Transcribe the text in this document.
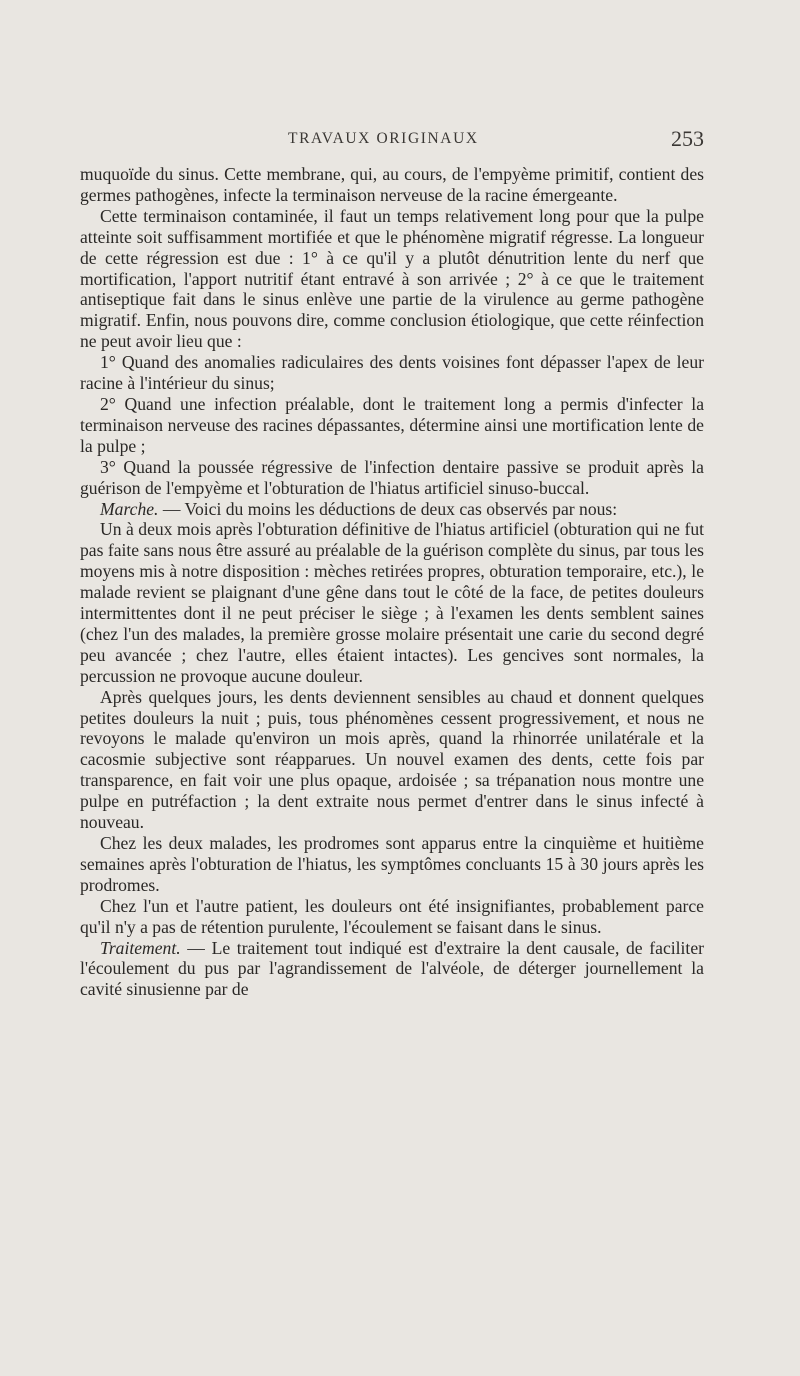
TRAVAUX ORIGINAUX	253

muquoïde du sinus. Cette membrane, qui, au cours, de l'empyème primitif, contient des germes pathogènes, infecte la terminaison nerveuse de la racine émergeante.

Cette terminaison contaminée, il faut un temps relativement long pour que la pulpe atteinte soit suffisamment mortifiée et que le phénomène migratif régresse. La longueur de cette régression est due : 1° à ce qu'il y a plutôt dénutrition lente du nerf que mortification, l'apport nutritif étant entravé à son arrivée ; 2° à ce que le traitement antiseptique fait dans le sinus enlève une partie de la virulence au germe pathogène migratif. Enfin, nous pouvons dire, comme conclusion étiologique, que cette réinfection ne peut avoir lieu que :

1° Quand des anomalies radiculaires des dents voisines font dépasser l'apex de leur racine à l'intérieur du sinus;

2° Quand une infection préalable, dont le traitement long a permis d'infecter la terminaison nerveuse des racines dépassantes, détermine ainsi une mortification lente de la pulpe ;

3° Quand la poussée régressive de l'infection dentaire passive se produit après la guérison de l'empyème et l'obturation de l'hiatus artificiel sinuso-buccal.

Marche. — Voici du moins les déductions de deux cas observés par nous:

Un à deux mois après l'obturation définitive de l'hiatus artificiel (obturation qui ne fut pas faite sans nous être assuré au préalable de la guérison complète du sinus, par tous les moyens mis à notre disposition : mèches retirées propres, obturation temporaire, etc.), le malade revient se plaignant d'une gêne dans tout le côté de la face, de petites douleurs intermittentes dont il ne peut préciser le siège ; à l'examen les dents semblent saines (chez l'un des malades, la première grosse molaire présentait une carie du second degré peu avancée ; chez l'autre, elles étaient intactes). Les gencives sont normales, la percussion ne provoque aucune douleur.

Après quelques jours, les dents deviennent sensibles au chaud et donnent quelques petites douleurs la nuit ; puis, tous phénomènes cessent progressivement, et nous ne revoyons le malade qu'environ un mois après, quand la rhinorrée unilatérale et la cacosmie subjective sont réapparues. Un nouvel examen des dents, cette fois par transparence, en fait voir une plus opaque, ardoisée ; sa trépanation nous montre une pulpe en putréfaction ; la dent extraite nous permet d'entrer dans le sinus infecté à nouveau.

Chez les deux malades, les prodromes sont apparus entre la cinquième et huitième semaines après l'obturation de l'hiatus, les symptômes concluants 15 à 30 jours après les prodromes.

Chez l'un et l'autre patient, les douleurs ont été insignifiantes, probablement parce qu'il n'y a pas de rétention purulente, l'écoulement se faisant dans le sinus.

Traitement. — Le traitement tout indiqué est d'extraire la dent causale, de faciliter l'écoulement du pus par l'agrandissement de l'alvéole, de déterger journellement la cavité sinusienne par de
